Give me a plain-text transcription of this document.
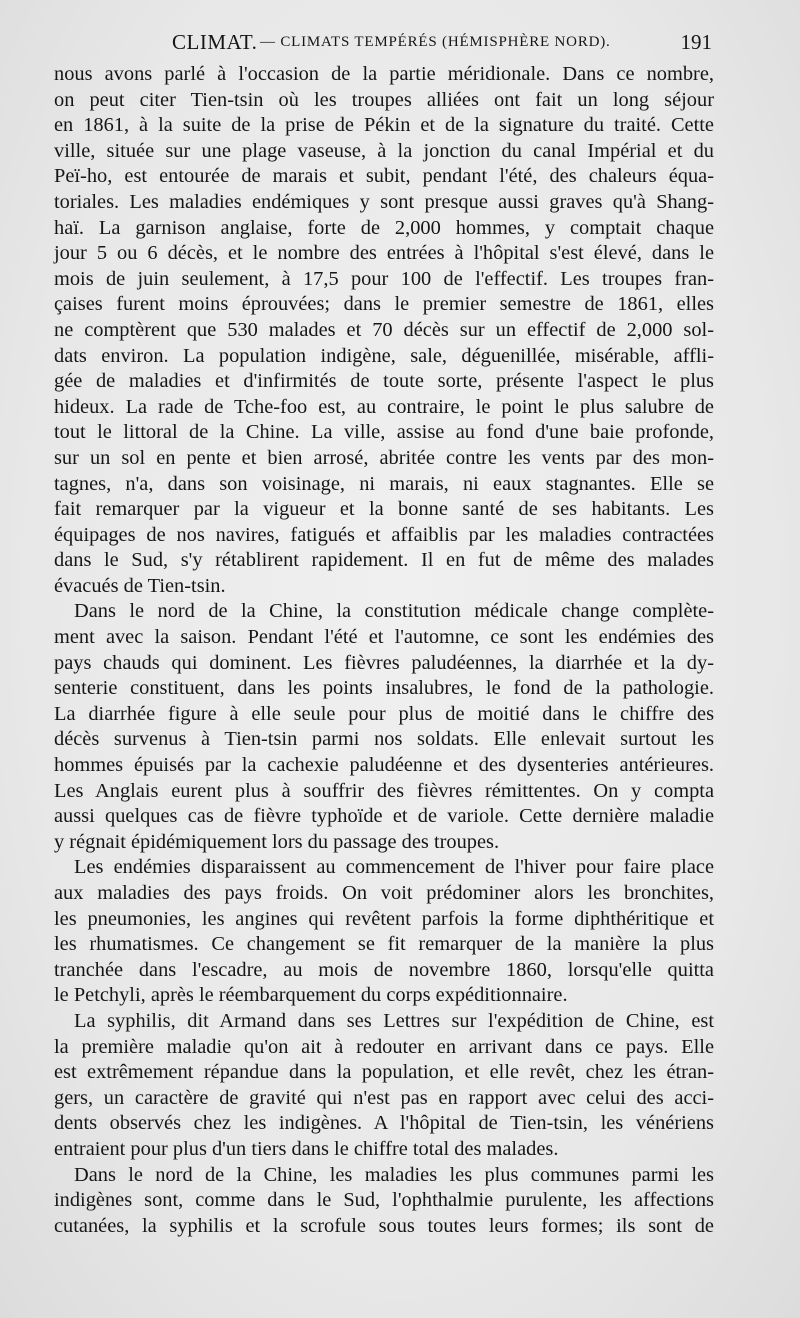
CLIMAT. — CLIMATS TEMPÉRÉS (HÉMISPHÈRE NORD).	191
nous avons parlé à l'occasion de la partie méridionale. Dans ce nombre,
on peut citer Tien-tsin où les troupes alliées ont fait un long séjour
en 1861, à la suite de la prise de Pékin et de la signature du traité. Cette
ville, située sur une plage vaseuse, à la jonction du canal Impérial et du
Peï-ho, est entourée de marais et subit, pendant l'été, des chaleurs équa-
toriales. Les maladies endémiques y sont presque aussi graves qu'à Shang-
haï. La garnison anglaise, forte de 2,000 hommes, y comptait chaque
jour 5 ou 6 décès, et le nombre des entrées à l'hôpital s'est élevé, dans le
mois de juin seulement, à 17,5 pour 100 de l'effectif. Les troupes fran-
çaises furent moins éprouvées; dans le premier semestre de 1861, elles
ne comptèrent que 530 malades et 70 décès sur un effectif de 2,000 sol-
dats environ. La population indigène, sale, déguenillée, misérable, affli-
gée de maladies et d'infirmités de toute sorte, présente l'aspect le plus
hideux. La rade de Tche-foo est, au contraire, le point le plus salubre de
tout le littoral de la Chine. La ville, assise au fond d'une baie profonde,
sur un sol en pente et bien arrosé, abritée contre les vents par des mon-
tagnes, n'a, dans son voisinage, ni marais, ni eaux stagnantes. Elle se
fait remarquer par la vigueur et la bonne santé de ses habitants. Les
équipages de nos navires, fatigués et affaiblis par les maladies contractées
dans le Sud, s'y rétablirent rapidement. Il en fut de même des malades
évacués de Tien-tsin.
Dans le nord de la Chine, la constitution médicale change complète-
ment avec la saison. Pendant l'été et l'automne, ce sont les endémies des
pays chauds qui dominent. Les fièvres paludéennes, la diarrhée et la dy-
senterie constituent, dans les points insalubres, le fond de la pathologie.
La diarrhée figure à elle seule pour plus de moitié dans le chiffre des
décès survenus à Tien-tsin parmi nos soldats. Elle enlevait surtout les
hommes épuisés par la cachexie paludéenne et des dysenteries antérieures.
Les Anglais eurent plus à souffrir des fièvres rémittentes. On y compta
aussi quelques cas de fièvre typhoïde et de variole. Cette dernière maladie
y régnait épidémiquement lors du passage des troupes.
Les endémies disparaissent au commencement de l'hiver pour faire place
aux maladies des pays froids. On voit prédominer alors les bronchites,
les pneumonies, les angines qui revêtent parfois la forme diphthéritique et
les rhumatismes. Ce changement se fit remarquer de la manière la plus
tranchée dans l'escadre, au mois de novembre 1860, lorsqu'elle quitta
le Petchyli, après le réembarquement du corps expéditionnaire.
La syphilis, dit Armand dans ses Lettres sur l'expédition de Chine, est
la première maladie qu'on ait à redouter en arrivant dans ce pays. Elle
est extrêmement répandue dans la population, et elle revêt, chez les étran-
gers, un caractère de gravité qui n'est pas en rapport avec celui des acci-
dents observés chez les indigènes. A l'hôpital de Tien-tsin, les vénériens
entraient pour plus d'un tiers dans le chiffre total des malades.
Dans le nord de la Chine, les maladies les plus communes parmi les
indigènes sont, comme dans le Sud, l'ophthalmie purulente, les affections
cutanées, la syphilis et la scrofule sous toutes leurs formes; ils sont de
